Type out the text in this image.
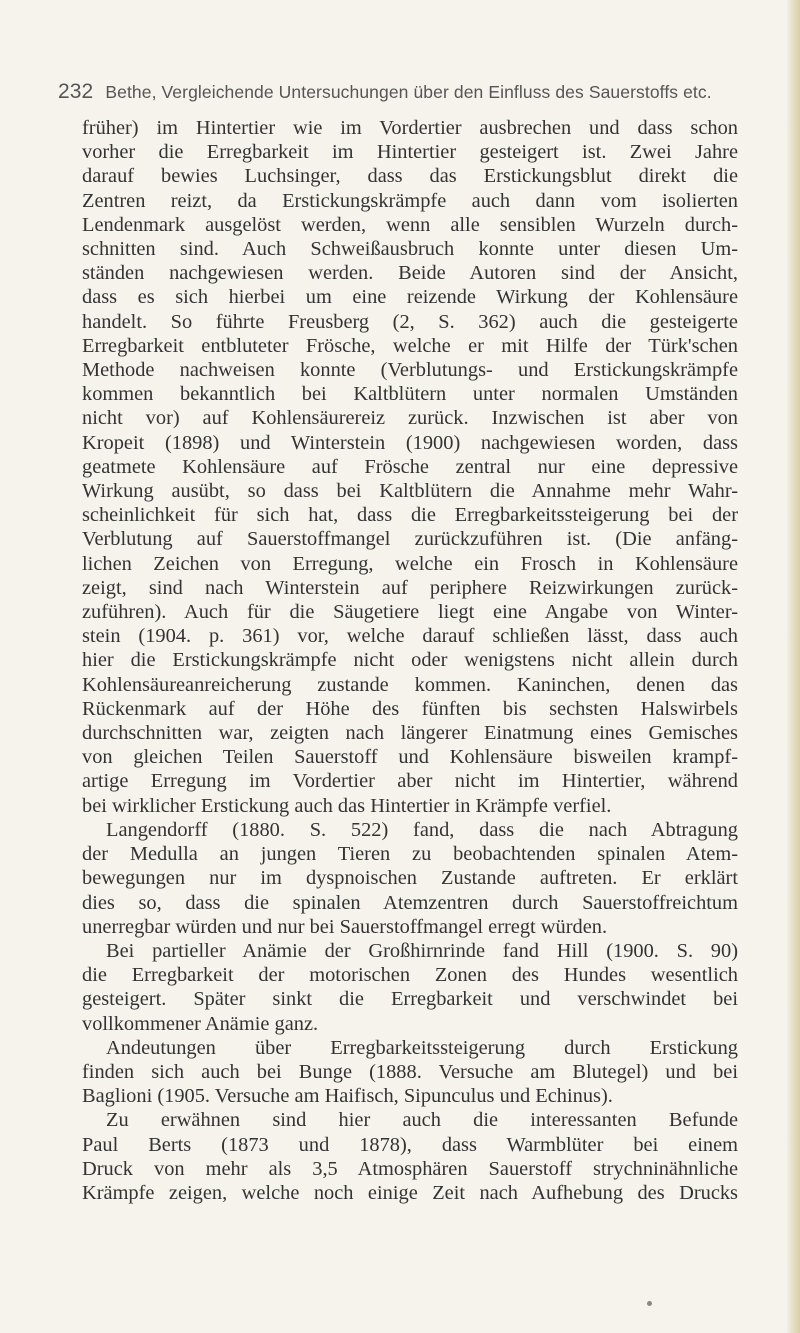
232 Bethe, Vergleichende Untersuchungen über den Einfluss des Sauerstoffs etc.
früher) im Hintertier wie im Vordertier ausbrechen und dass schon
vorher die Erregbarkeit im Hintertier gesteigert ist. Zwei Jahre
darauf bewies Luchsinger, dass das Erstickungsblut direkt die
Zentren reizt, da Erstickungskrämpfe auch dann vom isolierten
Lendenmark ausgelöst werden, wenn alle sensiblen Wurzeln durch-
schnitten sind. Auch Schweißausbruch konnte unter diesen Um-
ständen nachgewiesen werden. Beide Autoren sind der Ansicht,
dass es sich hierbei um eine reizende Wirkung der Kohlensäure
handelt. So führte Freusberg (2, S. 362) auch die gesteigerte
Erregbarkeit entbluteter Frösche, welche er mit Hilfe der Türk'schen
Methode nachweisen konnte (Verblutungs- und Erstickungskrämpfe
kommen bekanntlich bei Kaltblütern unter normalen Umständen
nicht vor) auf Kohlensäurereiz zurück. Inzwischen ist aber von
Kropeit (1898) und Winterstein (1900) nachgewiesen worden, dass
geatmete Kohlensäure auf Frösche zentral nur eine depressive
Wirkung ausübt, so dass bei Kaltblütern die Annahme mehr Wahr-
scheinlichkeit für sich hat, dass die Erregbarkeitssteigerung bei der
Verblutung auf Sauerstoffmangel zurückzuführen ist. (Die anfäng-
lichen Zeichen von Erregung, welche ein Frosch in Kohlensäure
zeigt, sind nach Winterstein auf periphere Reizwirkungen zurück-
zuführen). Auch für die Säugetiere liegt eine Angabe von Winter-
stein (1904. p. 361) vor, welche darauf schließen lässt, dass auch
hier die Erstickungskrämpfe nicht oder wenigstens nicht allein durch
Kohlensäureanreicherung zustande kommen. Kaninchen, denen das
Rückenmark auf der Höhe des fünften bis sechsten Halswirbels
durchschnitten war, zeigten nach längerer Einatmung eines Gemisches
von gleichen Teilen Sauerstoff und Kohlensäure bisweilen krampf-
artige Erregung im Vordertier aber nicht im Hintertier, während
bei wirklicher Erstickung auch das Hintertier in Krämpfe verfiel.
Langendorff (1880. S. 522) fand, dass die nach Abtragung
der Medulla an jungen Tieren zu beobachtenden spinalen Atem-
bewegungen nur im dyspnoischen Zustande auftreten. Er erklärt
dies so, dass die spinalen Atemzentren durch Sauerstoffreichtum
unerregbar würden und nur bei Sauerstoffmangel erregt würden.
Bei partieller Anämie der Großhirnrinde fand Hill (1900. S. 90)
die Erregbarkeit der motorischen Zonen des Hundes wesentlich
gesteigert. Später sinkt die Erregbarkeit und verschwindet bei
vollkommener Anämie ganz.
Andeutungen über Erregbarkeitssteigerung durch Erstickung
finden sich auch bei Bunge (1888. Versuche am Blutegel) und bei
Baglioni (1905. Versuche am Haifisch, Sipunculus und Echinus).
Zu erwähnen sind hier auch die interessanten Befunde
Paul Berts (1873 und 1878), dass Warmblüter bei einem
Druck von mehr als 3,5 Atmosphären Sauerstoff strychninähnliche
Krämpfe zeigen, welche noch einige Zeit nach Aufhebung des Drucks
